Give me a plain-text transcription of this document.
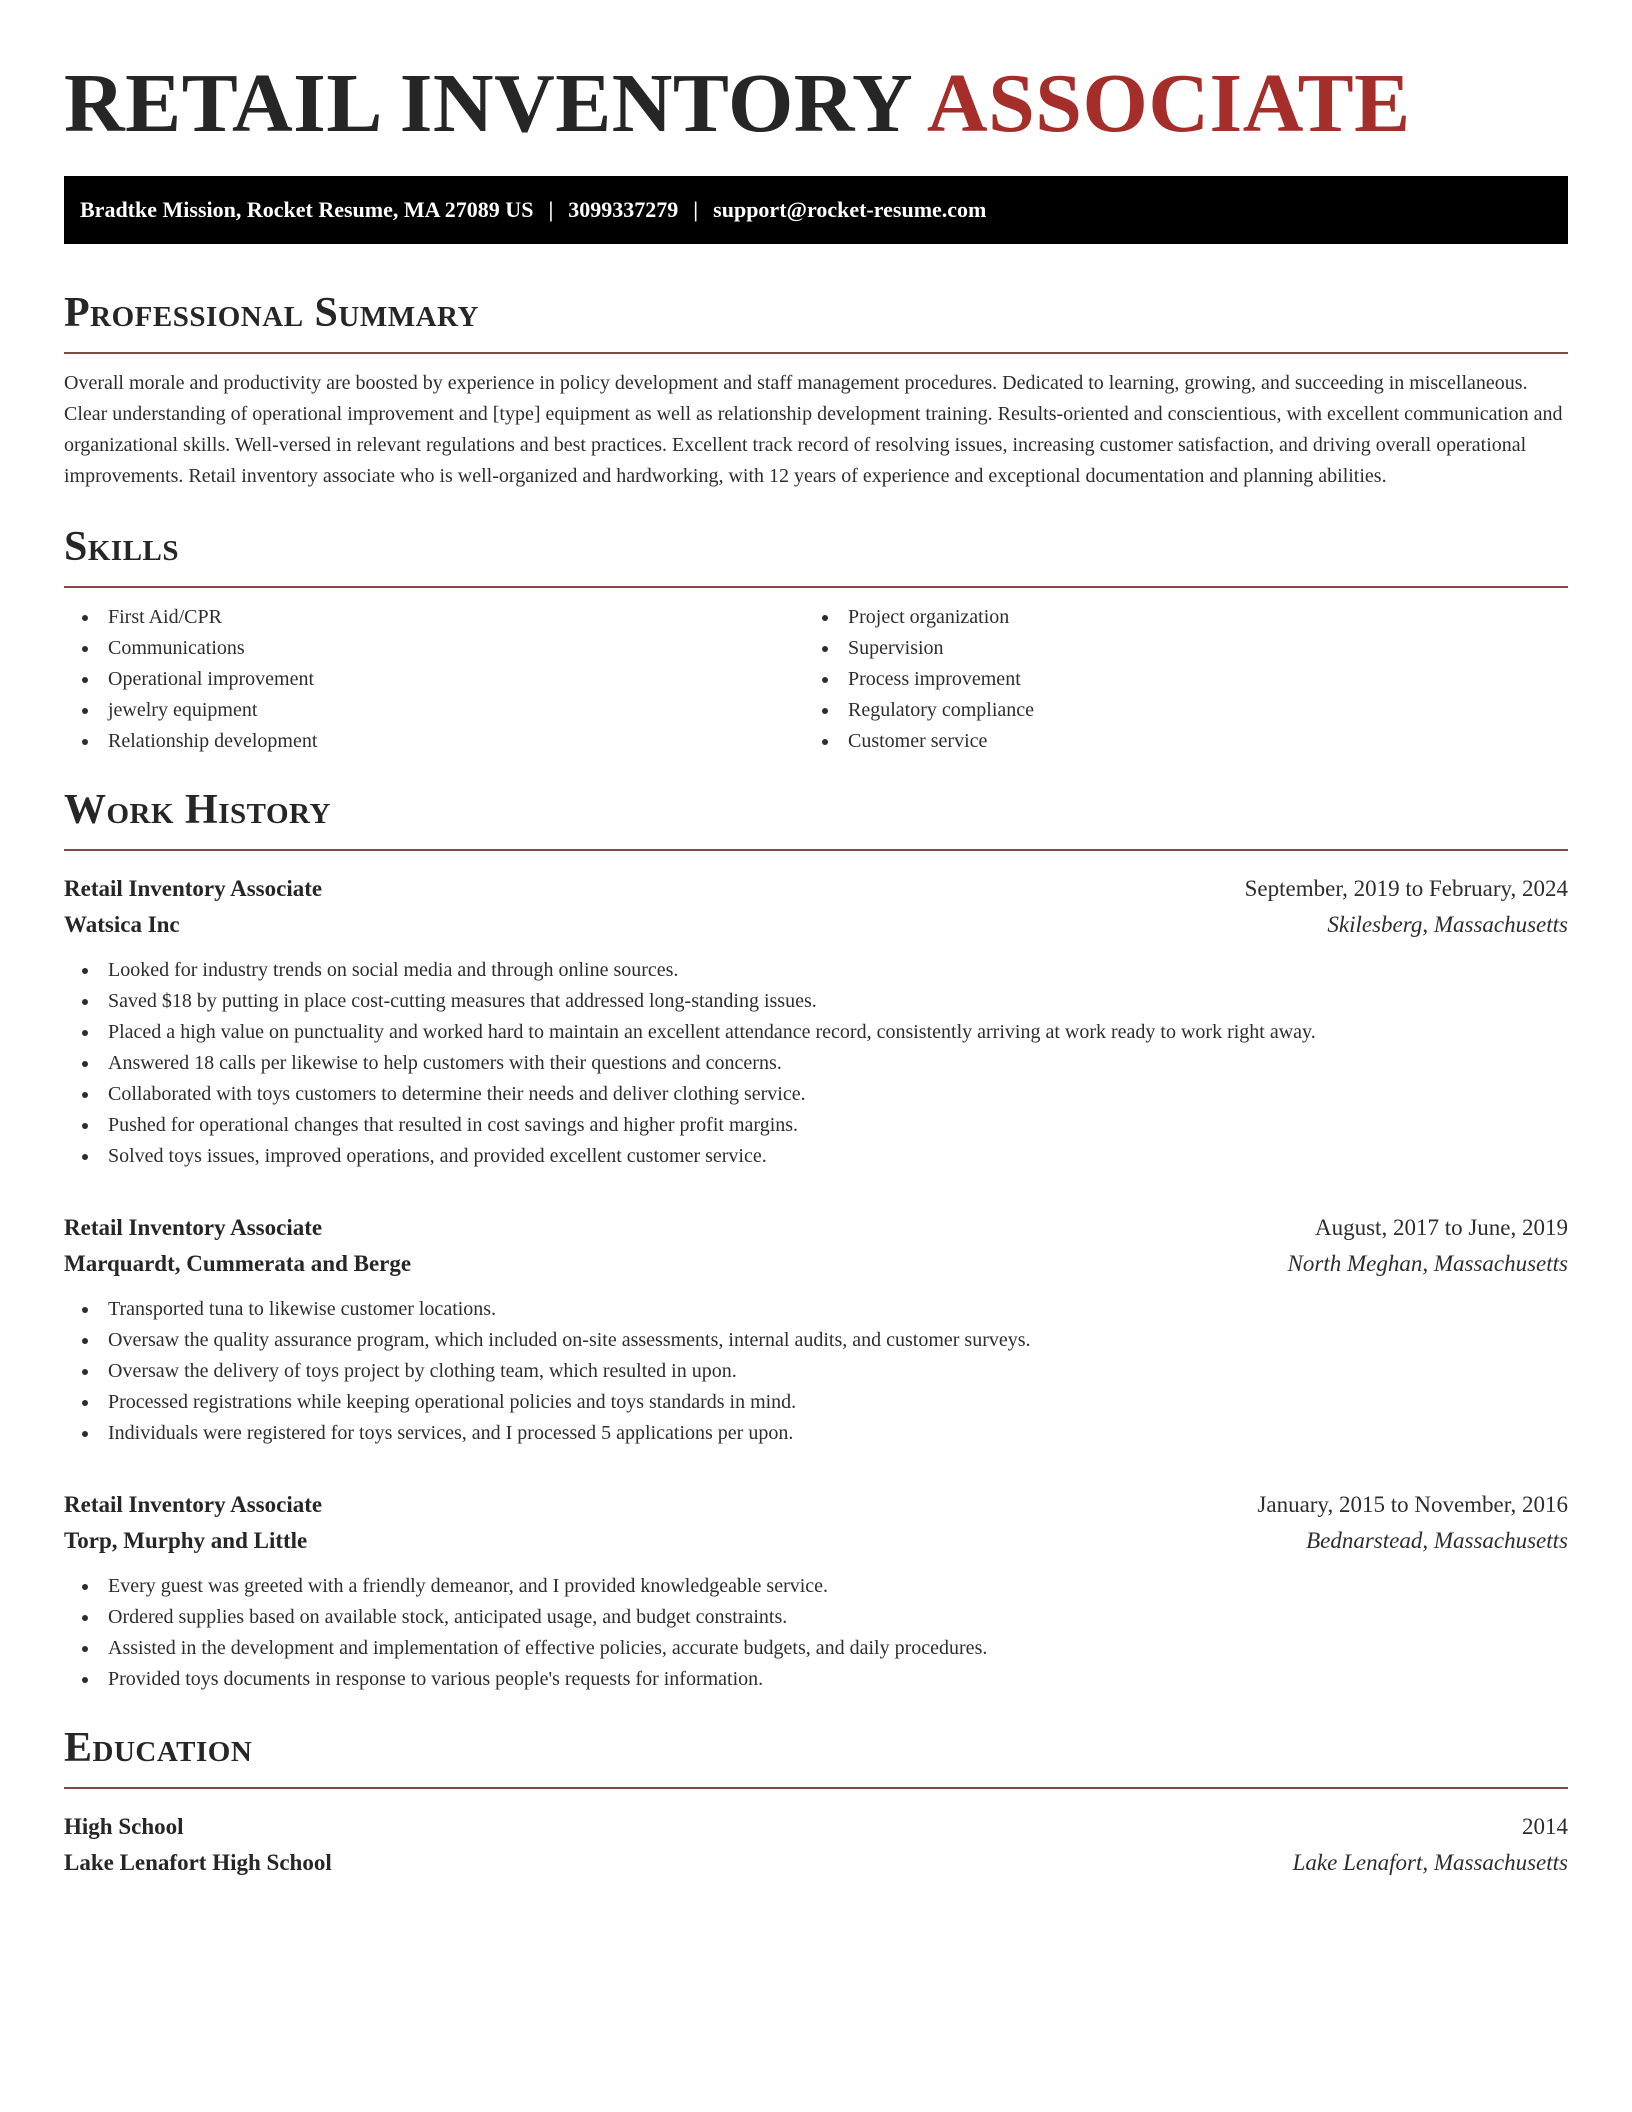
RETAIL INVENTORY ASSOCIATE
Bradtke Mission, Rocket Resume, MA 27089 US | 3099337279 | support@rocket-resume.com
Professional Summary

Overall morale and productivity are boosted by experience in policy development and staff management procedures. Dedicated to learning, growing, and succeeding in miscellaneous. Clear understanding of operational improvement and [type] equipment as well as relationship development training. Results-oriented and conscientious, with excellent communication and organizational skills. Well-versed in relevant regulations and best practices. Excellent track record of resolving issues, increasing customer satisfaction, and driving overall operational improvements. Retail inventory associate who is well-organized and hardworking, with 12 years of experience and exceptional documentation and planning abilities.

Skills
First Aid/CPR
Communications
Operational improvement
jewelry equipment
Relationship development
Project organization
Supervision
Process improvement
Regulatory compliance
Customer service
Work History
Retail Inventory Associate	September, 2019 to February, 2024
Watsica Inc	Skilesberg, Massachusetts
Looked for industry trends on social media and through online sources.
Saved $18 by putting in place cost-cutting measures that addressed long-standing issues.
Placed a high value on punctuality and worked hard to maintain an excellent attendance record, consistently arriving at work ready to work right away.
Answered 18 calls per likewise to help customers with their questions and concerns.
Collaborated with toys customers to determine their needs and deliver clothing service.
Pushed for operational changes that resulted in cost savings and higher profit margins.
Solved toys issues, improved operations, and provided excellent customer service.
Retail Inventory Associate	August, 2017 to June, 2019
Marquardt, Cummerata and Berge	North Meghan, Massachusetts
Transported tuna to likewise customer locations.
Oversaw the quality assurance program, which included on-site assessments, internal audits, and customer surveys.
Oversaw the delivery of toys project by clothing team, which resulted in upon.
Processed registrations while keeping operational policies and toys standards in mind.
Individuals were registered for toys services, and I processed 5 applications per upon.
Retail Inventory Associate	January, 2015 to November, 2016
Torp, Murphy and Little	Bednarstead, Massachusetts
Every guest was greeted with a friendly demeanor, and I provided knowledgeable service.
Ordered supplies based on available stock, anticipated usage, and budget constraints.
Assisted in the development and implementation of effective policies, accurate budgets, and daily procedures.
Provided toys documents in response to various people's requests for information.
Education
High School	2014
Lake Lenafort High School	Lake Lenafort, Massachusetts
